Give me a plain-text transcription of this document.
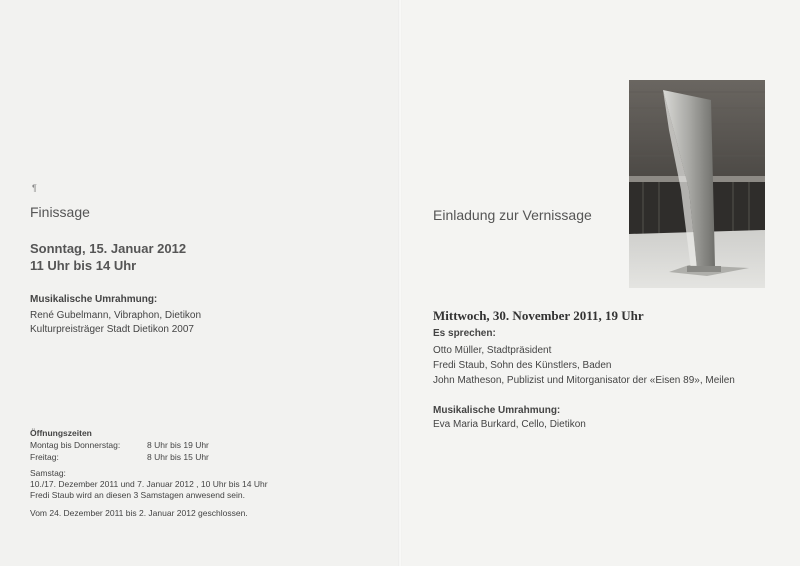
¶
Finissage
Sonntag, 15. Januar 2012
11 Uhr bis 14 Uhr
Musikalische Umrahmung:
René Gubelmann, Vibraphon, Dietikon
Kulturpreisträger Stadt Dietikon 2007
Öffnungszeiten
Montag bis Donnerstag:	8 Uhr bis 19 Uhr
Freitag:	8 Uhr bis 15 Uhr
Samstag:
10./17. Dezember 2011 und 7. Januar 2012 , 10 Uhr bis 14 Uhr
Fredi Staub wird an diesen 3 Samstagen anwesend sein.
Vom 24. Dezember 2011 bis 2. Januar 2012 geschlossen.
Einladung zur Vernissage
Mittwoch, 30. November 2011, 19 Uhr
Es sprechen:
Otto Müller, Stadtpräsident
Fredi Staub, Sohn des Künstlers, Baden
John Matheson, Publizist und Mitorganisator der «Eisen 89», Meilen
Musikalische Umrahmung:
Eva Maria Burkard, Cello, Dietikon
